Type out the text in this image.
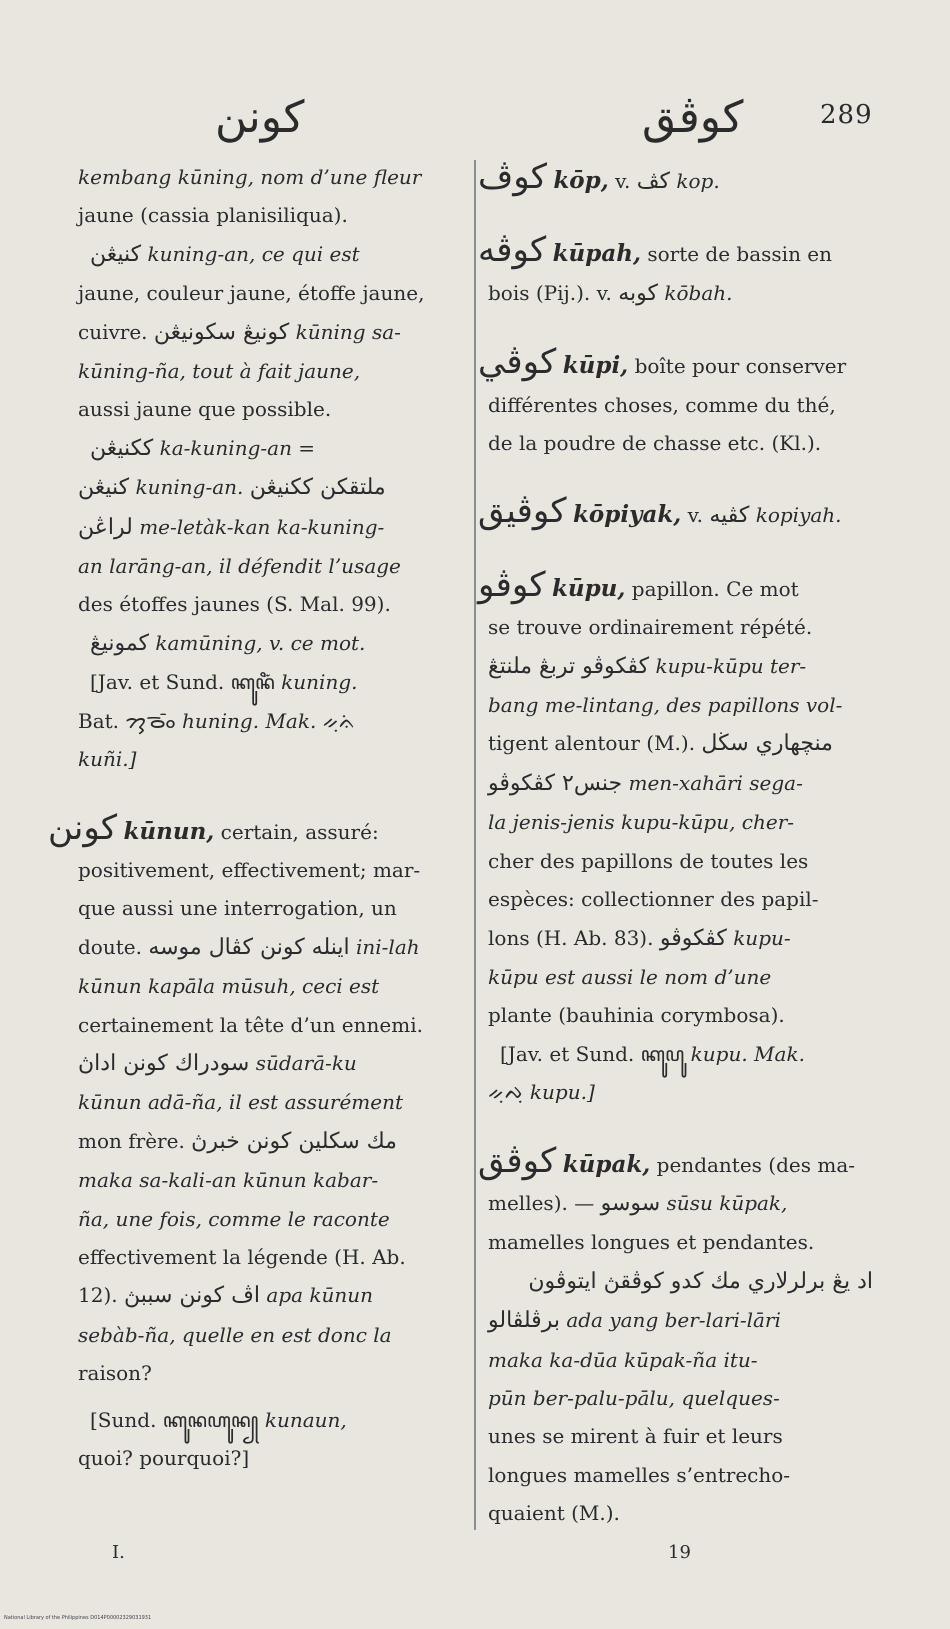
كونن	كوڤق	289

kembang kūning, nom d’une fleur

jaune (cassia planisiliqua).

كنيڠن kuning-an, ce qui est

jaune, couleur jaune, étoffe jaune,

cuivre. كونيڠ سكونيڠن kūning sa-

kūning-ña, tout à fait jaune,

aussi jaune que possible.

ككنيڠن ka-kuning-an =

كنيڠن kuning-an. ملتقكن ككنيڠن

لراڠن me-letàk-kan ka-kuning-

an larāng-an, il défendit l’usage

des étoffes jaunes (S. Mal. 99).

كمونيڠ kamūning, v. ce mot.

[Jav. et Sund. ꦏꦸꦤꦶꦁ kuning.

Bat. ᯂᯮᯉᯪᯰ huning. Mak. ᨀᨘᨊᨗ

kuñi.]

كونن kūnun, certain, assuré:

positivement, effectivement; mar-

que aussi une interrogation, un

doute. اينله كونن كڤال موسه ini-lah

kūnun kapāla mūsuh, ceci est

certainement la tête d’un ennemi.

سودراك كونن اداڽ sūdarā-ku

kūnun adā-ña, il est assurément

mon frère. مك سكلين كونن خبرڽ

maka sa-kali-an kūnun kabar-

ña, une fois, comme le raconte

effectivement la légende (H. Ab.

12). اڤ كونن سببڽ apa kūnun

sebàb-ña, quelle en est donc la

raison?

[Sund. ꦏꦸꦤꦲꦸꦤ꧀ kunaun,

quoi? pourquoi?]

كوڤ kōp, v. كڤ kop.

كوڤه kūpah, sorte de bassin en

bois (Pij.). v. كوبه kōbah.

كوڤي kūpi, boîte pour conserver

différentes choses, comme du thé,

de la poudre de chasse etc. (Kl.).

كوڤيق kōpiyak, v. كڤيه kopiyah.

كوڤو kūpu, papillon. Ce mot

se trouve ordinairement répété.

كڤكوڤو تربڠ ملنتڠ kupu-kūpu ter-

bang me-lintang, des papillons vol-

tigent alentour (M.). منچهاري سڬل

جنس٢ كڤكوڤو men-xahāri sega-

la jenis-jenis kupu-kūpu, cher-

cher des papillons de toutes les

espèces: collectionner des papil-

lons (H. Ab. 83). كڤكوڤو kupu-

kūpu est aussi le nom d’une

plante (bauhinia corymbosa).

[Jav. et Sund. ꦏꦸꦥꦸ kupu. Mak.

ᨀᨘᨄᨘ kupu.]

كوڤق kūpak, pendantes (des ma-

melles). — سوسو sūsu kūpak,

mamelles longues et pendantes.

اد يڠ برلرلاري مك كدو كوڤقڽ ايتوڤون

برڤلڤالو ada yang ber-lari-lāri

maka ka-dūa kūpak-ña itu-

pūn ber-palu-pālu, quelques-

unes se mirent à fuir et leurs

longues mamelles s’entrecho-

quaient (M.).

I.	19
National Library of the Philippines D014P00002329031931
